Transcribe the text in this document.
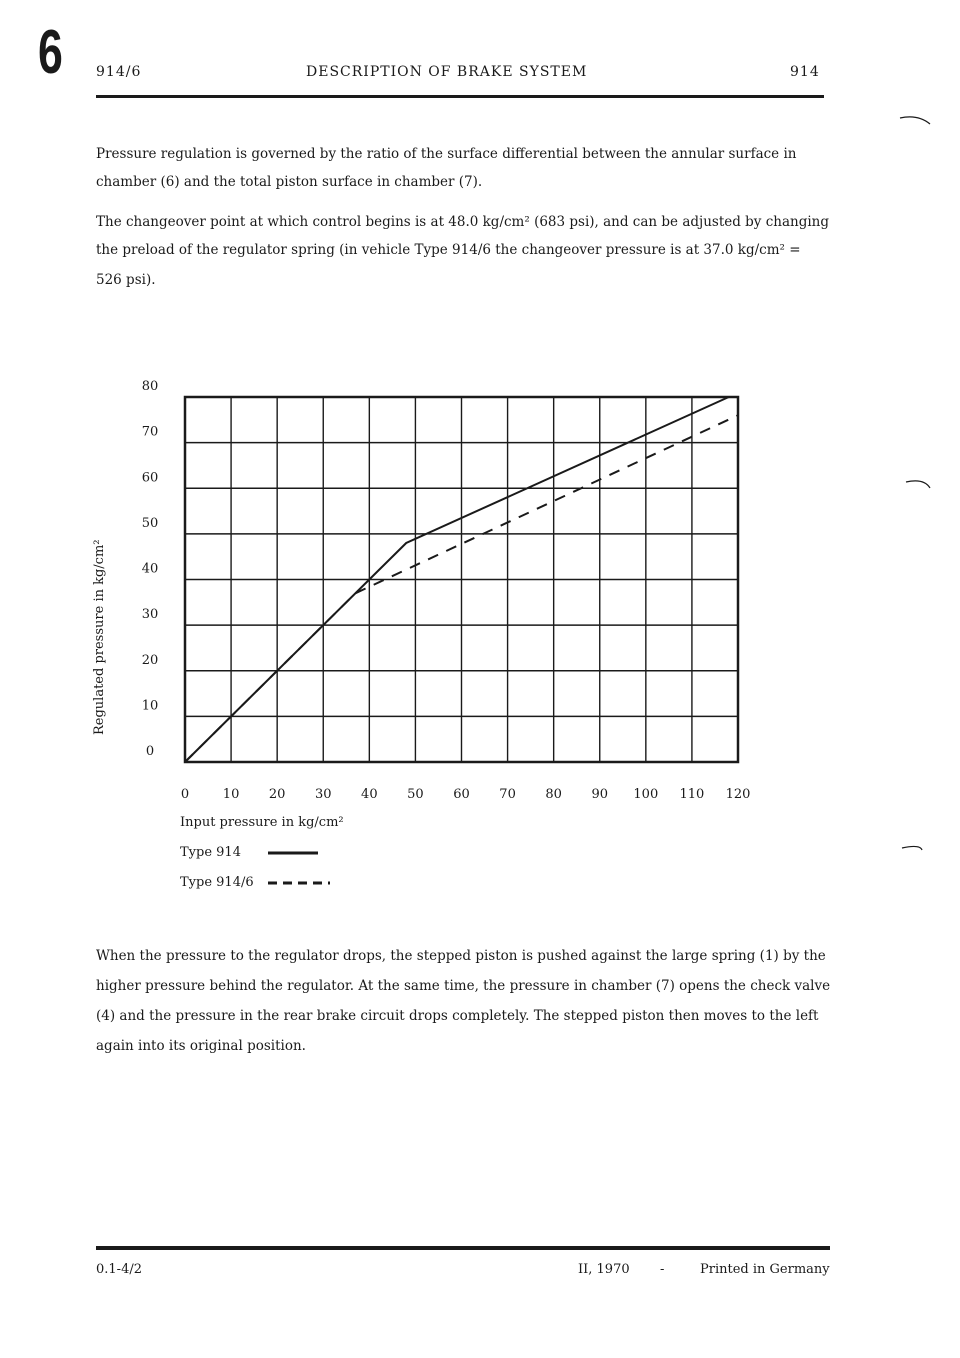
6 914/6	DESCRIPTION OF BRAKE SYSTEM	914
Pressure regulation is governed by the ratio of the surface differential between the annular surface in
chamber (6) and the total piston surface in chamber (7).
The changeover point at which control begins is at 48.0 kg/cm² (683 psi), and can be adjusted by changing
the preload of the regulator spring (in vehicle Type 914/6 the changeover pressure is at 37.0 kg/cm² =
526 psi).
0	10 20 30 40 50 60 70 80 90 100 110 120
0
10
20
30
40
50
60
70
80
Regulated pressure in kg/cm²
Input pressure in kg/cm²
Type 914
Type 914/6
When the pressure to the regulator drops, the stepped piston is pushed against the large spring (1) by the
higher pressure behind the regulator. At the same time, the pressure in chamber (7) opens the check valve
(4) and the pressure in the rear brake circuit drops completely. The stepped piston then moves to the left
again into its original position.
0.1-4/2	II, 1970 -	Printed in Germany
